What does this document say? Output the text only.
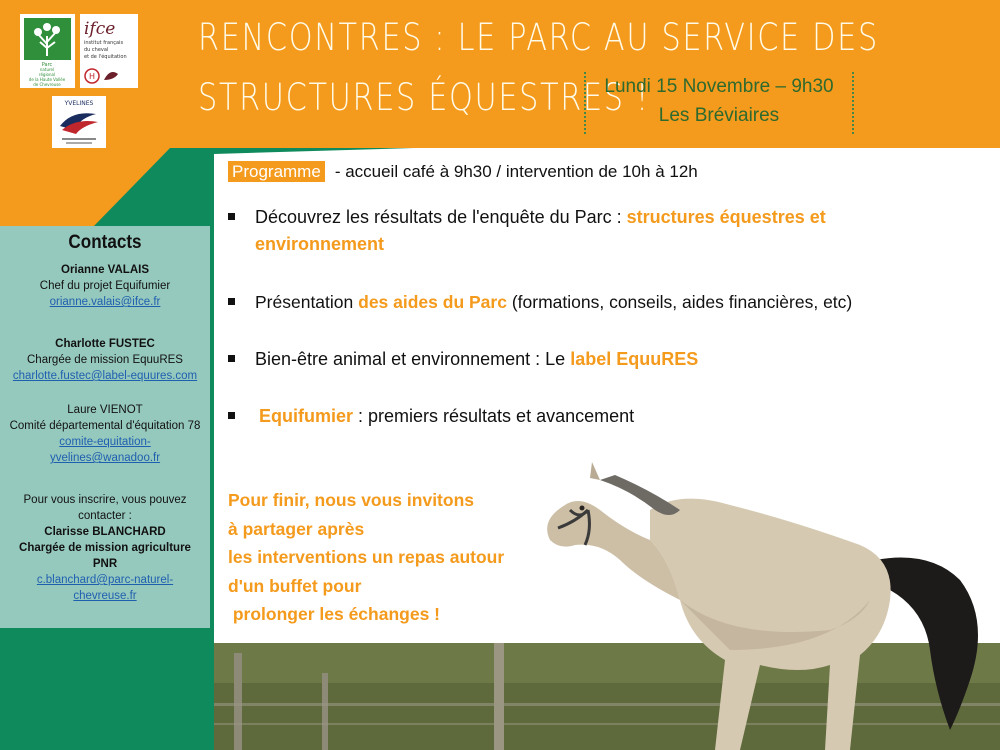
Parc
naturel
régional
de la Haute Vallée
de Chevreuse
ifce
institut français
du cheval
et de l'équitation
H
YVELINES
RENCONTRES : LE PARC AU SERVICE DES
STRUCTURES ÉQUESTRES !
Lundi 15 Novembre – 9h30
Les Bréviaires
Contacts
Orianne VALAIS
Chef du projet Equifumier
orianne.valais@ifce.fr
Charlotte FUSTEC
Chargée de mission EquuRES
charlotte.fustec@label-equures.com
Laure VIENOT
Comité départemental d'équitation 78
comite-equitation-
yvelines@wanadoo.fr
Pour vous inscrire, vous pouvez
contacter :
Clarisse BLANCHARD
Chargée de mission agriculture
PNR
c.blanchard@parc-naturel-
chevreuse.fr
Programme - accueil café à 9h30 / intervention de 10h à 12h
Découvrez les résultats de l'enquête du Parc : structures équestres et environnement
Présentation des aides du Parc (formations, conseils, aides financières, etc)
Bien-être animal et environnement : Le label EquuRES
Equifumier : premiers résultats et avancement
Pour finir, nous vous invitons
à partager après
les interventions un repas autour
d'un buffet pour
prolonger les échanges !
